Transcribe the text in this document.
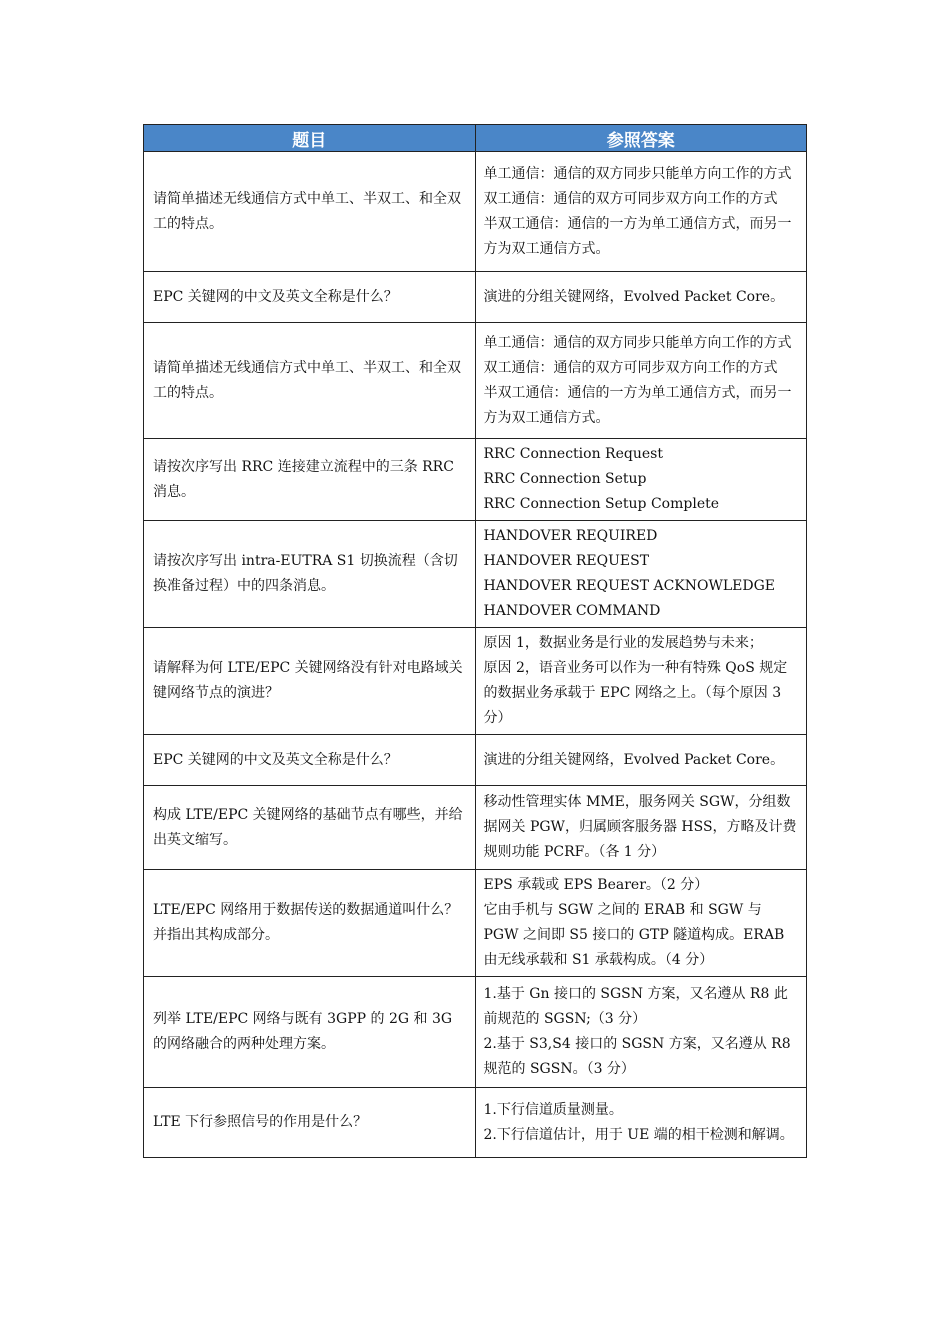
题目	参照答案
请简单描述无线通信方式中单工、半双工、和全双工的特点。	单工通信：通信的双方同步只能单方向工作的方式
双工通信：通信的双方可同步双方向工作的方式
半双工通信：通信的一方为单工通信方式，而另一方为双工通信方式。

EPC 关键网的中文及英文全称是什么？	演进的分组关键网络，Evolved Packet Core。

请简单描述无线通信方式中单工、半双工、和全双工的特点。	单工通信：通信的双方同步只能单方向工作的方式
双工通信：通信的双方可同步双方向工作的方式
半双工通信：通信的一方为单工通信方式，而另一方为双工通信方式。

请按次序写出 RRC 连接建立流程中的三条 RRC 消息。	RRC Connection Request
RRC Connection Setup
RRC Connection Setup Complete

请按次序写出 intra-EUTRA S1 切换流程（含切换准备过程）中的四条消息。	HANDOVER REQUIRED
HANDOVER REQUEST
HANDOVER REQUEST ACKNOWLEDGE
HANDOVER COMMAND

请解释为何 LTE/EPC 关键网络没有针对电路域关键网络节点的演进？	原因 1，数据业务是行业的发展趋势与未来；
原因 2，语音业务可以作为一种有特殊 QoS 规定的数据业务承载于 EPC 网络之上。（每个原因 3 分）

EPC 关键网的中文及英文全称是什么？	演进的分组关键网络，Evolved Packet Core。

构成 LTE/EPC 关键网络的基础节点有哪些，并给出英文缩写。	移动性管理实体 MME，服务网关 SGW，分组数据网关 PGW，归属顾客服务器 HSS，方略及计费规则功能 PCRF。（各 1 分）

LTE/EPC 网络用于数据传送的数据通道叫什么？并指出其构成部分。	EPS 承载或 EPS Bearer。（2 分）
它由手机与 SGW 之间的 ERAB 和 SGW 与 PGW 之间即 S5 接口的 GTP 隧道构成。ERAB 由无线承载和 S1 承载构成。（4 分）

列举 LTE/EPC 网络与既有 3GPP 的 2G 和 3G 的网络融合的两种处理方案。	1.基于 Gn 接口的 SGSN 方案，又名遵从 R8 此前规范的 SGSN;（3 分）
2.基于 S3,S4 接口的 SGSN 方案，又名遵从 R8 规范的 SGSN。（3 分）

LTE 下行参照信号的作用是什么？	1.下行信道质量测量。
2.下行信道估计，用于 UE 端的相干检测和解调。
